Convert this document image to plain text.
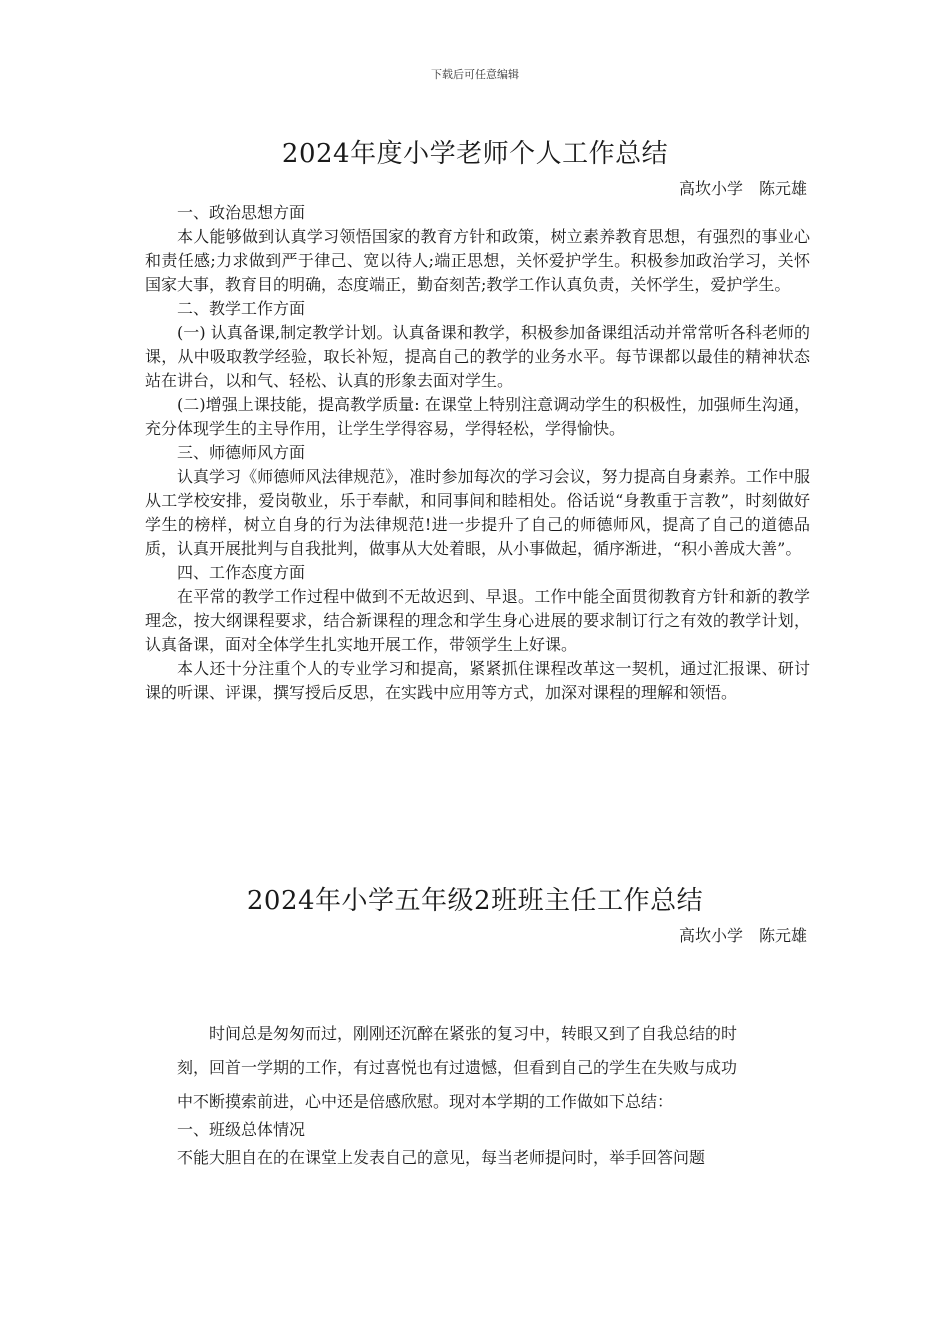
下载后可任意编辑
2024年度小学老师个人工作总结
高坎小学　陈元雄

一、政治思想方面

本人能够做到认真学习领悟国家的教育方针和政策，树立素养教育思想，有强烈的事业心和责任感;力求做到严于律己、宽以待人;端正思想，关怀爱护学生。积极参加政治学习，关怀国家大事，教育目的明确，态度端正，勤奋刻苦;教学工作认真负责，关怀学生，爱护学生。

二、教学工作方面

(一) 认真备课,制定教学计划。认真备课和教学，积极参加备课组活动并常常听各科老师的课，从中吸取教学经验，取长补短，提高自己的教学的业务水平。每节课都以最佳的精神状态站在讲台，以和气、轻松、认真的形象去面对学生。

(二)增强上课技能，提高教学质量: 在课堂上特别注意调动学生的积极性，加强师生沟通，充分体现学生的主导作用，让学生学得容易，学得轻松，学得愉快。

三、师德师风方面

认真学习《师德师风法律规范》，准时参加每次的学习会议，努力提高自身素养。工作中服从工学校安排，爱岗敬业，乐于奉献，和同事间和睦相处。俗话说“身教重于言教”，时刻做好学生的榜样，树立自身的行为法律规范!进一步提升了自己的师德师风，提高了自己的道德品质，认真开展批判与自我批判，做事从大处着眼，从小事做起，循序渐进，“积小善成大善”。

四、工作态度方面

在平常的教学工作过程中做到不无故迟到、早退。工作中能全面贯彻教育方针和新的教学理念，按大纲课程要求，结合新课程的理念和学生身心进展的要求制订行之有效的教学计划，认真备课，面对全体学生扎实地开展工作，带领学生上好课。

本人还十分注重个人的专业学习和提高，紧紧抓住课程改革这一契机，通过汇报课、研讨课的听课、评课，撰写授后反思，在实践中应用等方式，加深对课程的理解和领悟。

2024年小学五年级2班班主任工作总结
高坎小学　陈元雄

时间总是匆匆而过，刚刚还沉醉在紧张的复习中，转眼又到了自我总结的时

刻，回首一学期的工作，有过喜悦也有过遗憾，但看到自己的学生在失败与成功

中不断摸索前进，心中还是倍感欣慰。现对本学期的工作做如下总结：

一、班级总体情况

不能大胆自在的在课堂上发表自己的意见，每当老师提问时，举手回答问题
